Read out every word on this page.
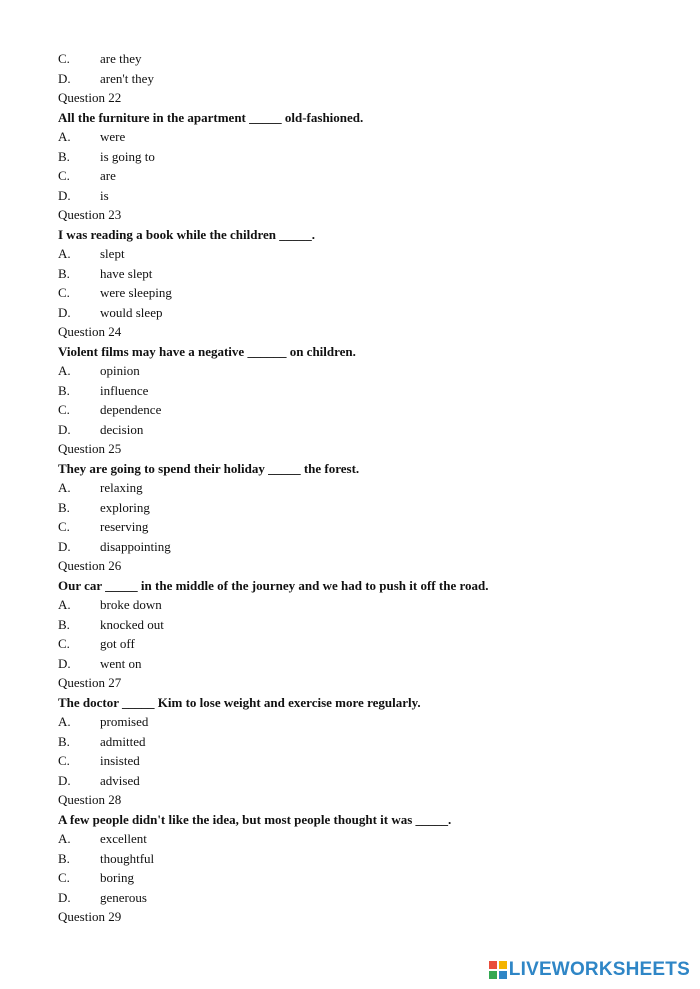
C.	are they
D.	aren't they
Question 22
All the furniture in the apartment _____ old-fashioned.
A.	were
B.	is going to
C.	are
D.	is
Question 23
I was reading a book while the children _____.
A.	slept
B.	have slept
C.	were sleeping
D.	would sleep
Question 24
Violent films may have a negative ______ on children.
A.	opinion
B.	influence
C.	dependence
D.	decision
Question 25
They are going to spend their holiday _____ the forest.
A.	relaxing
B.	exploring
C.	reserving
D.	disappointing
Question 26
Our car _____ in the middle of the journey and we had to push it off the road.
A.	broke down
B.	knocked out
C.	got off
D.	went on
Question 27
The doctor _____ Kim to lose weight and exercise more regularly.
A.	promised
B.	admitted
C.	insisted
D.	advised
Question 28
A few people didn't like the idea, but most people thought it was _____.
A.	excellent
B.	thoughtful
C.	boring
D.	generous
Question 29
LIVEWORKSHEETS
